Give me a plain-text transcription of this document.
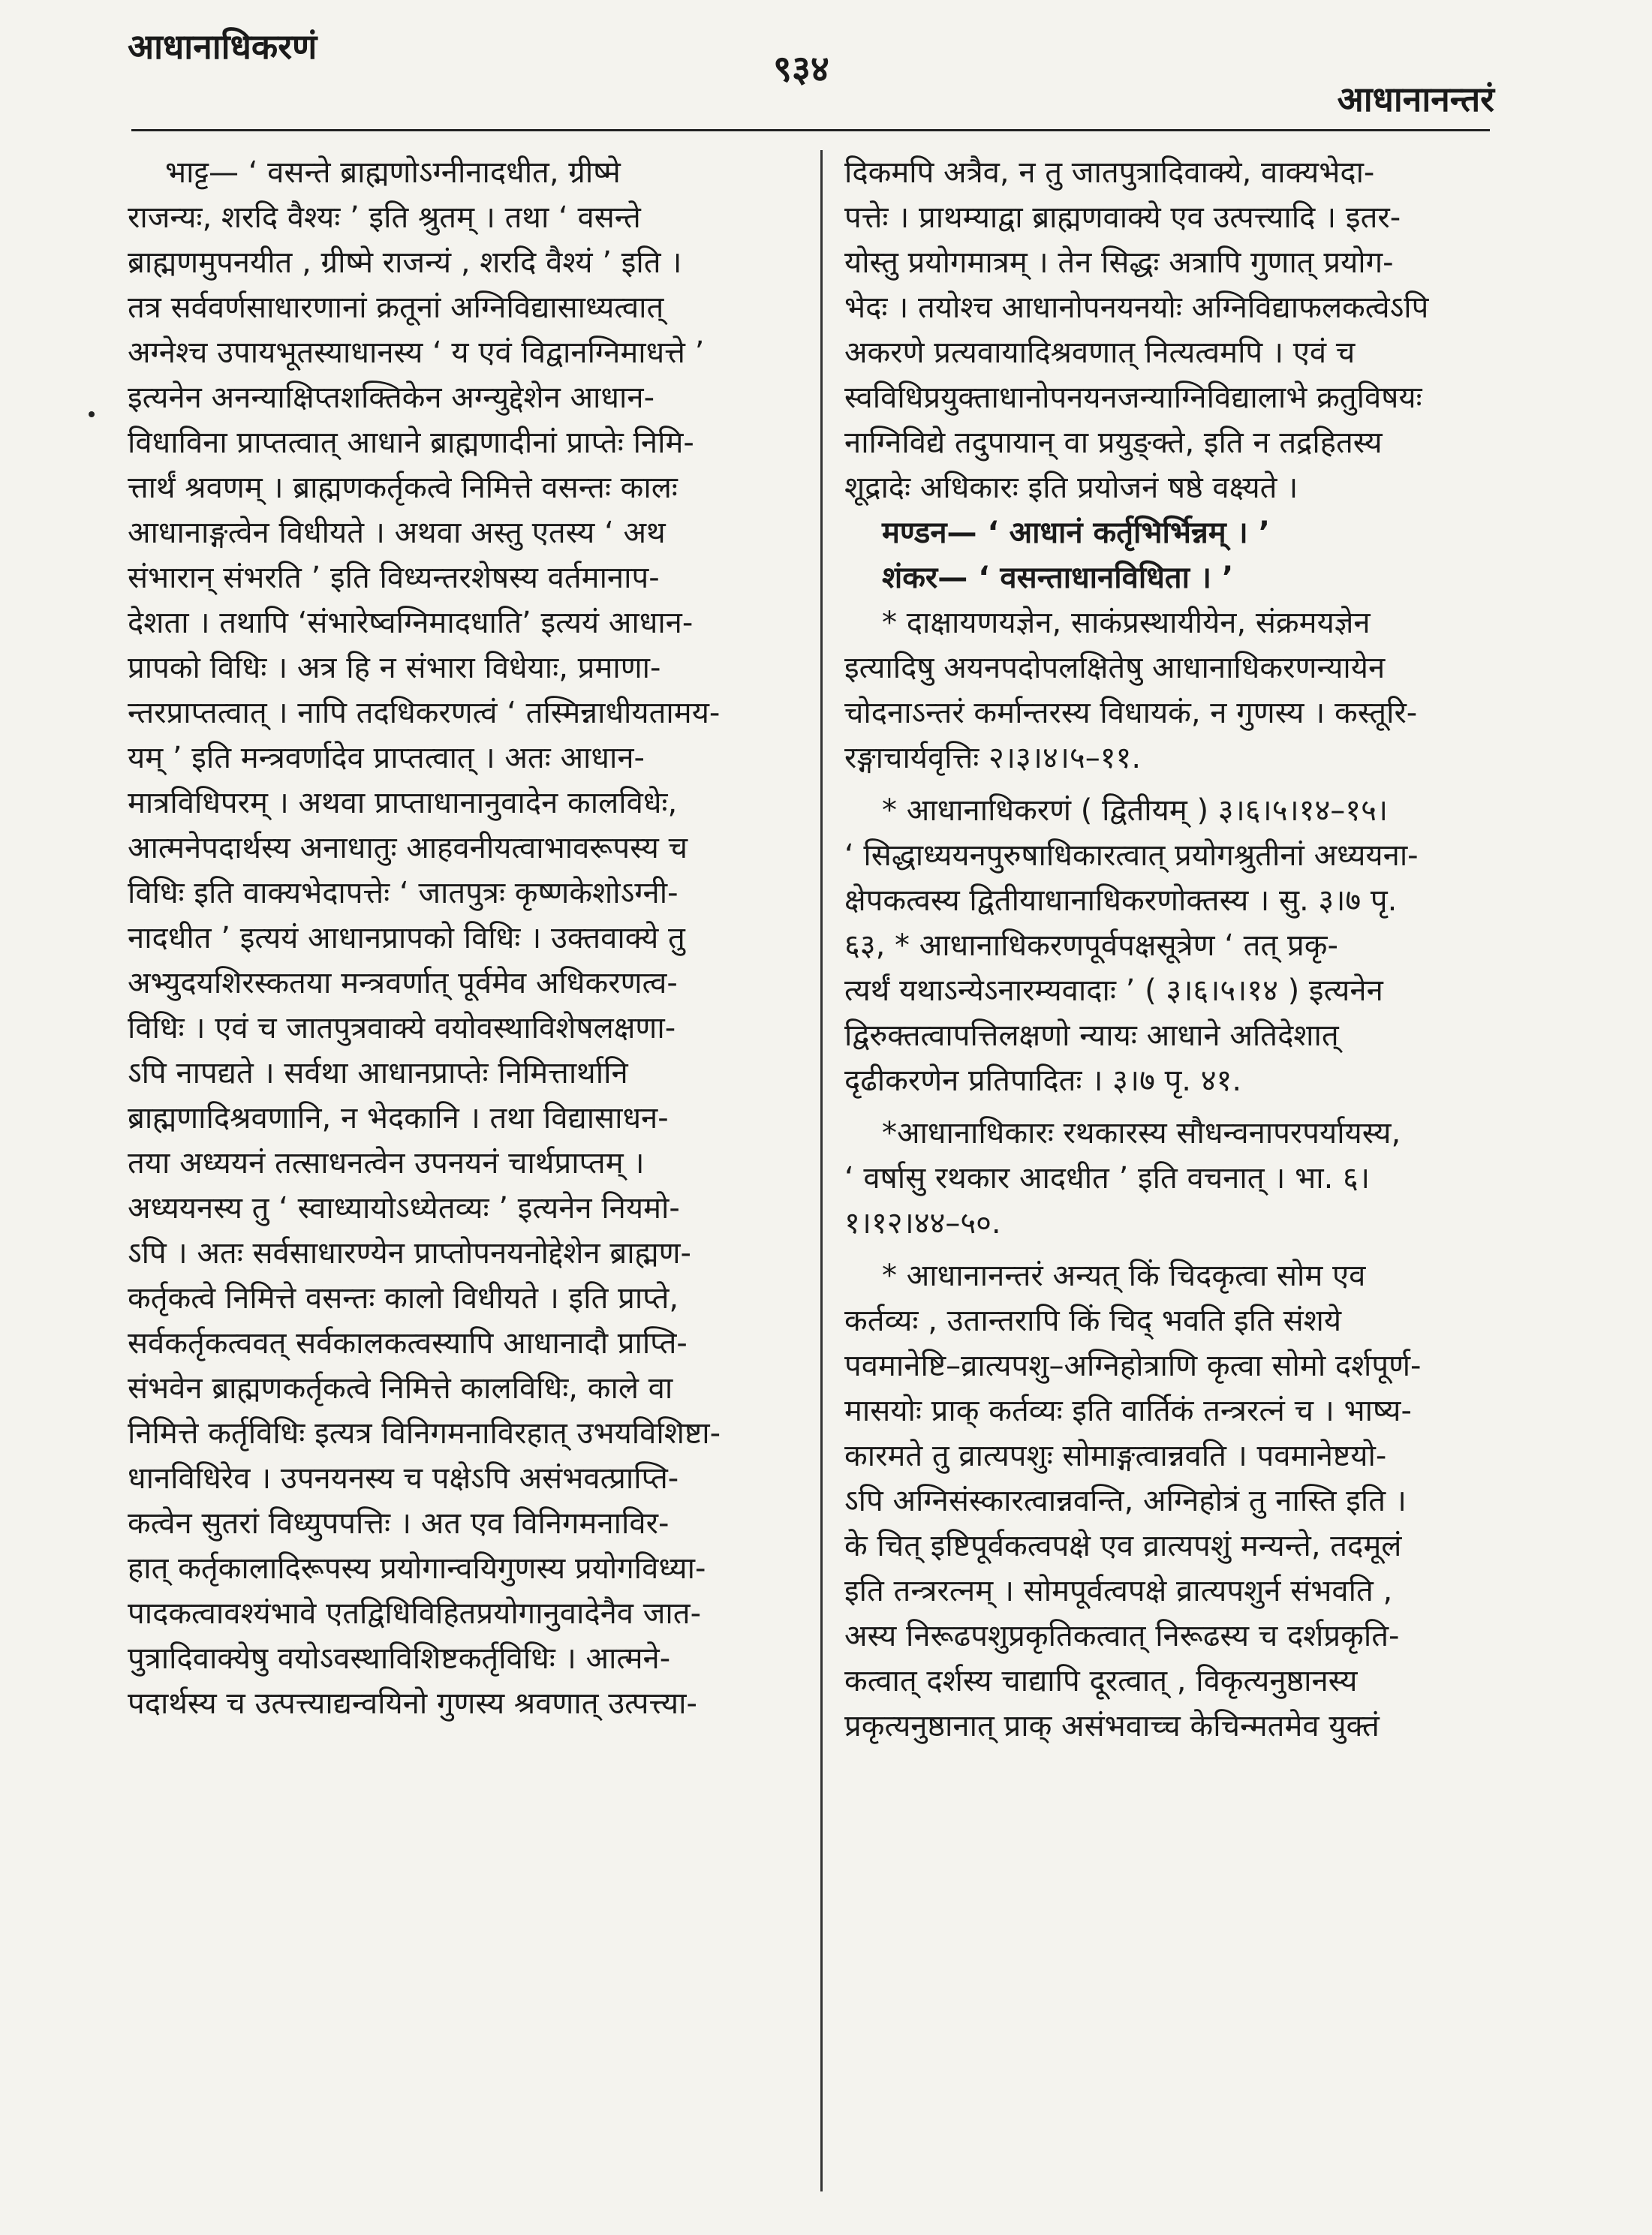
आधानाधिकरणं
९३४
आधानानन्तरं
भाट्ट— ‘ वसन्ते ब्राह्मणोऽग्नीनादधीत, ग्रीष्मे
राजन्यः, शरदि वैश्यः ’ इति श्रुतम् । तथा ‘ वसन्ते
ब्राह्मणमुपनयीत , ग्रीष्मे राजन्यं , शरदि वैश्यं ’ इति ।
तत्र सर्ववर्णसाधारणानां क्रतूनां अग्निविद्यासाध्यत्वात्
अग्नेश्च उपायभूतस्याधानस्य ‘ य एवं विद्वानग्निमाधत्ते ’
इत्यनेन अनन्याक्षिप्तशक्तिकेन अग्न्युद्देशेन आधान-
विधाविना प्राप्तत्वात् आधाने ब्राह्मणादीनां प्राप्तेः निमि-
त्तार्थं श्रवणम् । ब्राह्मणकर्तृकत्वे निमित्ते वसन्तः कालः
आधानाङ्गत्वेन विधीयते । अथवा अस्तु एतस्य ‘ अथ
संभारान् संभरति ’ इति विध्यन्तरशेषस्य वर्तमानाप-
देशता । तथापि ‘संभारेष्वग्निमादधाति’ इत्ययं आधान-
प्रापको विधिः । अत्र हि न संभारा विधेयाः, प्रमाणा-
न्तरप्राप्तत्वात् । नापि तदधिकरणत्वं ‘ तस्मिन्नाधीयतामय-
यम् ’ इति मन्त्रवर्णादेव प्राप्तत्वात् । अतः आधान-
मात्रविधिपरम् । अथवा प्राप्ताधानानुवादेन कालविधेः,
आत्मनेपदार्थस्य अनाधातुः आहवनीयत्वाभावरूपस्य च
विधिः इति वाक्यभेदापत्तेः ‘ जातपुत्रः कृष्णकेशोऽग्नी-
नादधीत ’ इत्ययं आधानप्रापको विधिः । उक्तवाक्ये तु
अभ्युदयशिरस्कतया मन्त्रवर्णात् पूर्वमेव अधिकरणत्व-
विधिः । एवं च जातपुत्रवाक्ये वयोवस्थाविशेषलक्षणा-
ऽपि नापद्यते । सर्वथा आधानप्राप्तेः निमित्तार्थानि
ब्राह्मणादिश्रवणानि, न भेदकानि । तथा विद्यासाधन-
तया अध्ययनं तत्साधनत्वेन उपनयनं चार्थप्राप्तम् ।
अध्ययनस्य तु ‘ स्वाध्यायोऽध्येतव्यः ’ इत्यनेन नियमो-
ऽपि । अतः सर्वसाधारण्येन प्राप्तोपनयनोद्देशेन ब्राह्मण-
कर्तृकत्वे निमित्ते वसन्तः कालो विधीयते । इति प्राप्ते,
सर्वकर्तृकत्ववत् सर्वकालकत्वस्यापि आधानादौ प्राप्ति-
संभवेन ब्राह्मणकर्तृकत्वे निमित्ते कालविधिः, काले वा
निमित्ते कर्तृविधिः इत्यत्र विनिगमनाविरहात् उभयविशिष्टा-
धानविधिरेव । उपनयनस्य च पक्षेऽपि असंभवत्प्राप्ति-
कत्वेन सुतरां विध्युपपत्तिः । अत एव विनिगमनाविर-
हात् कर्तृकालादिरूपस्य प्रयोगान्वयिगुणस्य प्रयोगविध्या-
पादकत्वावश्यंभावे एतद्विधिविहितप्रयोगानुवादेनैव जात-
पुत्रादिवाक्येषु वयोऽवस्थाविशिष्टकर्तृविधिः । आत्मने-
पदार्थस्य च उत्पत्त्याद्यन्वयिनो गुणस्य श्रवणात् उत्पत्त्या-
दिकमपि अत्रैव, न तु जातपुत्रादिवाक्ये, वाक्यभेदा-
पत्तेः । प्राथम्याद्वा ब्राह्मणवाक्ये एव उत्पत्त्यादि । इतर-
योस्तु प्रयोगमात्रम् । तेन सिद्धः अत्रापि गुणात् प्रयोग-
भेदः । तयोश्च आधानोपनयनयोः अग्निविद्याफलकत्वेऽपि
अकरणे प्रत्यवायादिश्रवणात् नित्यत्वमपि । एवं च
स्वविधिप्रयुक्ताधानोपनयनजन्याग्निविद्यालाभे क्रतुविषयः
नाग्निविद्ये तदुपायान् वा प्रयुङ्क्ते, इति न तद्रहितस्य
शूद्रादेः अधिकारः इति प्रयोजनं षष्ठे वक्ष्यते ।
मण्डन— ‘ आधानं कर्तृभिर्भिन्नम् । ’
शंकर— ‘ वसन्ताधानविधिता । ’
* दाक्षायणयज्ञेन, साकंप्रस्थायीयेन, संक्रमयज्ञेन
इत्यादिषु अयनपदोपलक्षितेषु आधानाधिकरणन्यायेन
चोदनाऽन्तरं कर्मान्तरस्य विधायकं, न गुणस्य । कस्तूरि-
रङ्गाचार्यवृत्तिः २।३।४।५–११.
* आधानाधिकरणं ( द्वितीयम् ) ३।६।५।१४–१५।
‘ सिद्धाध्ययनपुरुषाधिकारत्वात् प्रयोगश्रुतीनां अध्ययना-
क्षेपकत्वस्य द्वितीयाधानाधिकरणोक्तस्य । सु. ३।७ पृ.
६३, * आधानाधिकरणपूर्वपक्षसूत्रेण ‘ तत् प्रकृ-
त्यर्थं यथाऽन्येऽनारम्यवादाः ’ ( ३।६।५।१४ ) इत्यनेन
द्विरुक्तत्वापत्तिलक्षणो न्यायः आधाने अतिदेशात्
दृढीकरणेन प्रतिपादितः । ३।७ पृ. ४१.
*आधानाधिकारः रथकारस्य सौधन्वनापरपर्यायस्य,
‘ वर्षासु रथकार आदधीत ’ इति वचनात् । भा. ६।
१।१२।४४–५०.
* आधानानन्तरं अन्यत् किं चिदकृत्वा सोम एव
कर्तव्यः , उतान्तरापि किं चिद् भवति इति संशये
पवमानेष्टि–व्रात्यपशु–अग्निहोत्राणि कृत्वा सोमो दर्शपूर्ण-
मासयोः प्राक् कर्तव्यः इति वार्तिकं तन्त्ररत्नं च । भाष्य-
कारमते तु व्रात्यपशुः सोमाङ्गत्वान्नवति । पवमानेष्टयो-
ऽपि अग्निसंस्कारत्वान्नवन्ति, अग्निहोत्रं तु नास्ति इति ।
के चित् इष्टिपूर्वकत्वपक्षे एव व्रात्यपशुं मन्यन्ते, तदमूलं
इति तन्त्ररत्नम् । सोमपूर्वत्वपक्षे व्रात्यपशुर्न संभवति ,
अस्य निरूढपशुप्रकृतिकत्वात् निरूढस्य च दर्शप्रकृति-
कत्वात् दर्शस्य चाद्यापि दूरत्वात् , विकृत्यनुष्ठानस्य
प्रकृत्यनुष्ठानात् प्राक् असंभवाच्च केचिन्मतमेव युक्तं
